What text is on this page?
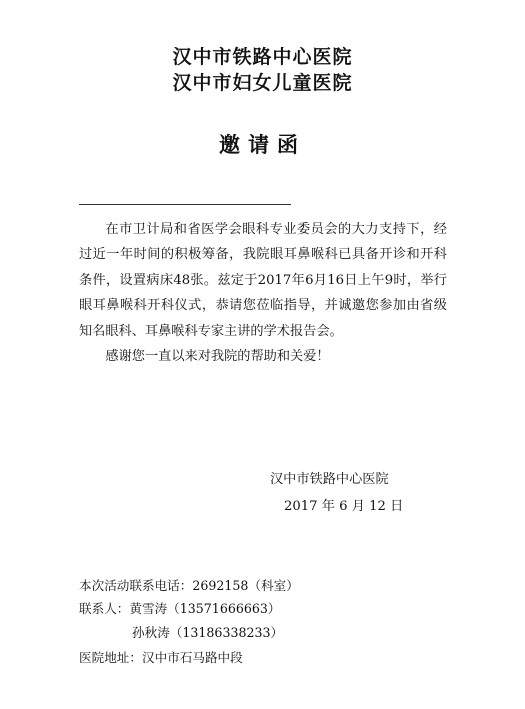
汉中市铁路中心医院
汉中市妇女儿童医院
邀请函

在市卫计局和省医学会眼科专业委员会的大力支持下，经过近一年时间的积极筹备，我院眼耳鼻喉科已具备开诊和开科条件，设置病床48张。兹定于2017年6月16日上午9时，举行眼耳鼻喉科开科仪式，恭请您莅临指导，并诚邀您参加由省级知名眼科、耳鼻喉科专家主讲的学术报告会。

感谢您一直以来对我院的帮助和关爱！

汉中市铁路中心医院
2017 年 6 月 12 日
本次活动联系电话：2692158（科室）
联系人：黄雪涛（13571666663）
孙秋涛（13186338233）
医院地址：汉中市石马路中段
